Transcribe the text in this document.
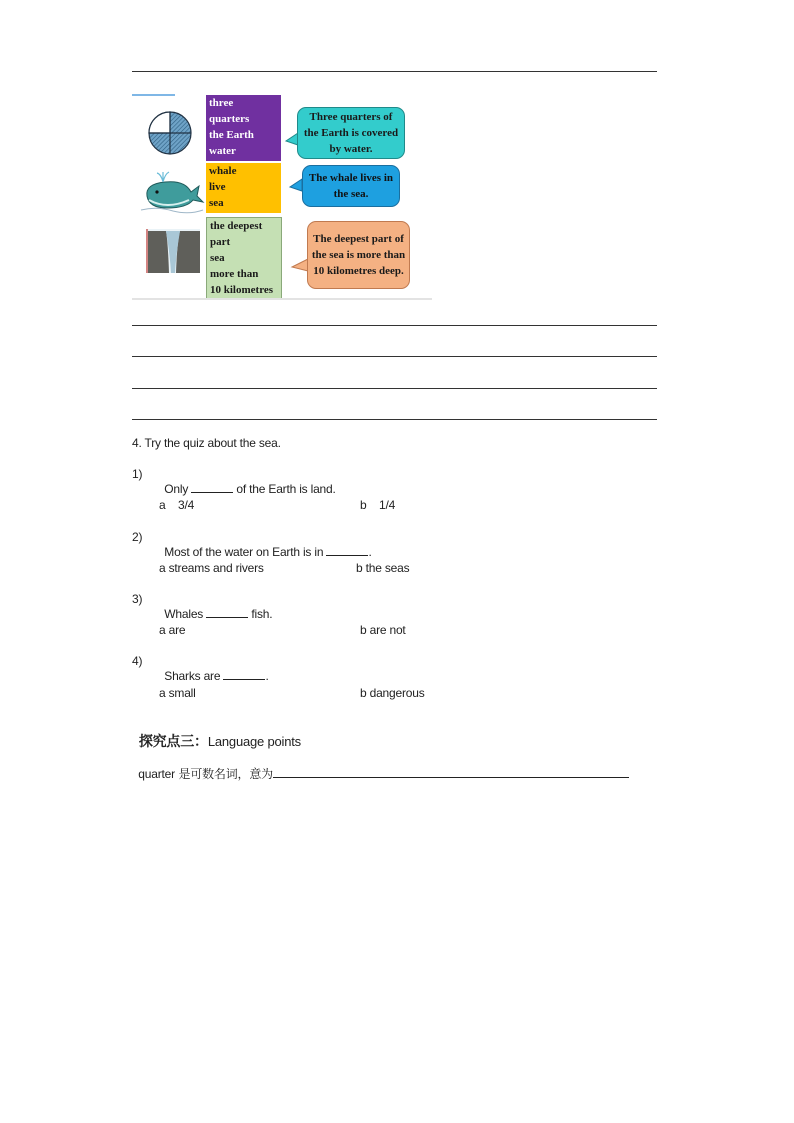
three
quarters
the Earth
water
whale
live
sea
the deepest
part
sea
more than
10 kilometres
Three quarters of the Earth is covered by water.
The whale lives in the sea.
The deepest part of the sea is more than 10 kilometres deep.
4. Try the quiz about the sea.
1)

Only	of the Earth is land.

a    3/4	b    1/4
2)

Most of the water on Earth is in	.

a streams and rivers	b the seas
3)

Whales	fish.

a are	b are not
4)

Sharks are	.

a small	b dangerous

探究点三：Language points

quarter 是可数名词，意为
